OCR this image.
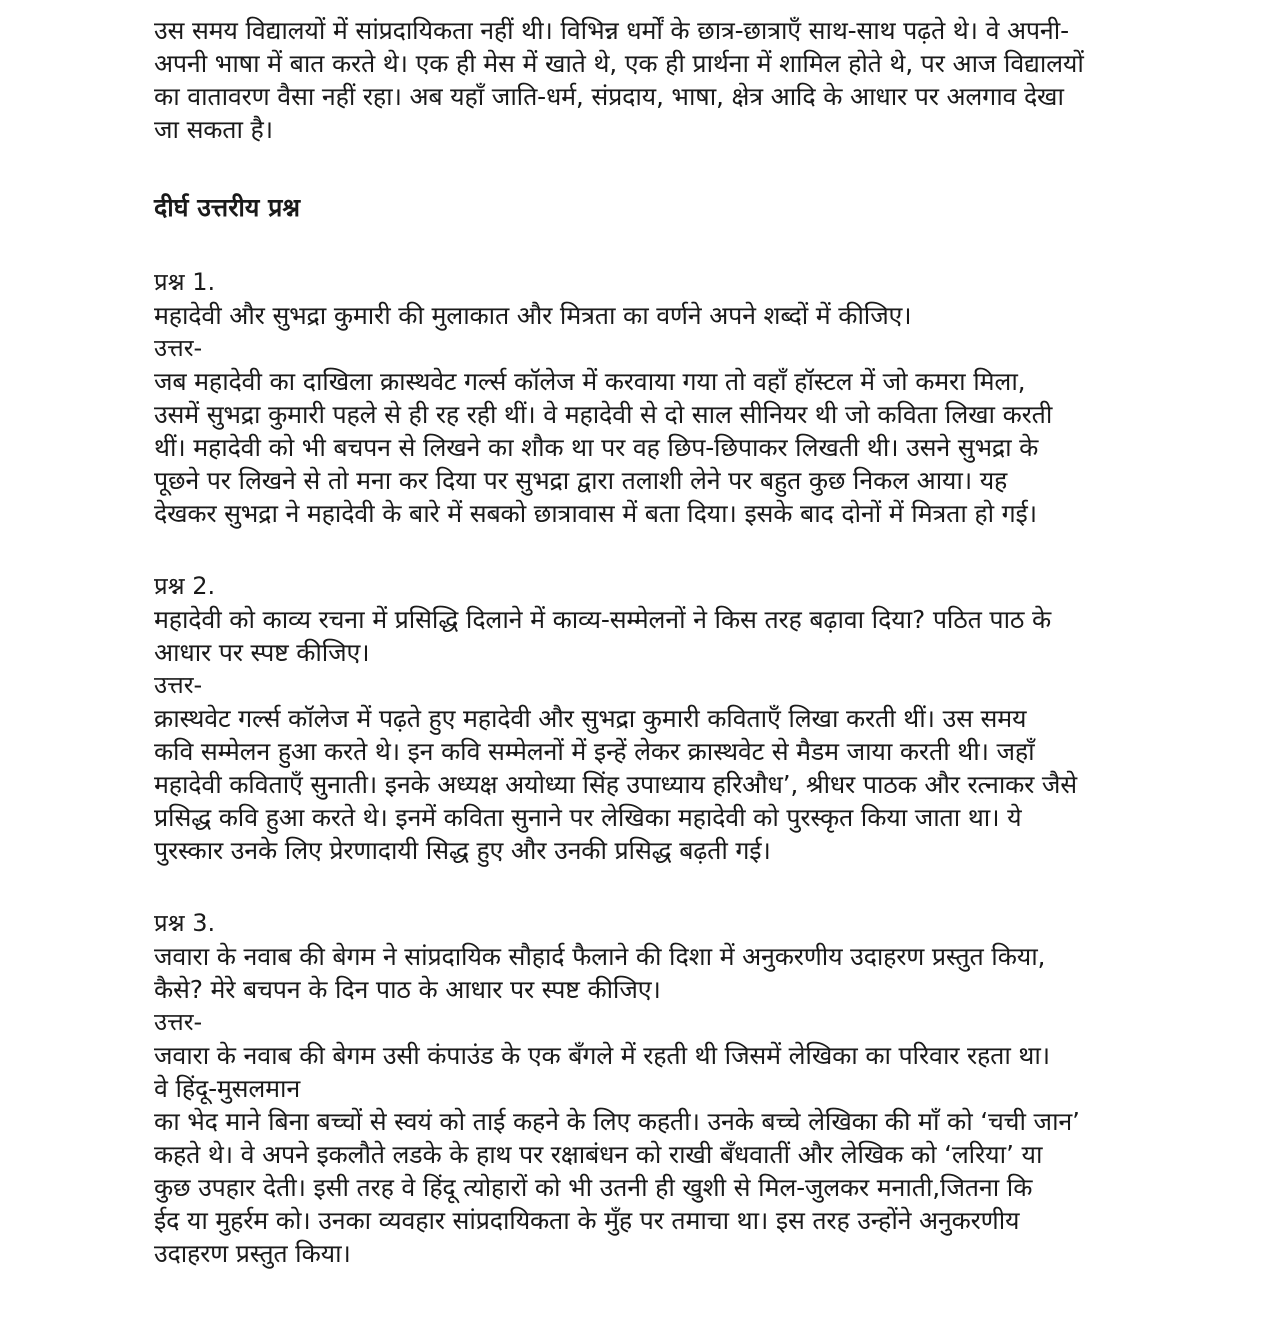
उस समय विद्यालयों में सांप्रदायिकता नहीं थी। विभिन्न धर्मों के छात्र-छात्राएँ साथ-साथ पढ़ते थे। वे अपनी-
अपनी भाषा में बात करते थे। एक ही मेस में खाते थे, एक ही प्रार्थना में शामिल होते थे, पर आज विद्यालयों
का वातावरण वैसा नहीं रहा। अब यहाँ जाति-धर्म, संप्रदाय, भाषा, क्षेत्र आदि के आधार पर अलगाव देखा
जा सकता है।

दीर्घ उत्तरीय प्रश्न
प्रश्न 1.

महादेवी और सुभद्रा कुमारी की मुलाकात और मित्रता का वर्णने अपने शब्दों में कीजिए।

उत्तर-

जब महादेवी का दाखिला क्रास्थवेट गर्ल्स कॉलेज में करवाया गया तो वहाँ हॉस्टल में जो कमरा मिला,
उसमें सुभद्रा कुमारी पहले से ही रह रही थीं। वे महादेवी से दो साल सीनियर थी जो कविता लिखा करती
थीं। महादेवी को भी बचपन से लिखने का शौक था पर वह छिप-छिपाकर लिखती थी। उसने सुभद्रा के
पूछने पर लिखने से तो मना कर दिया पर सुभद्रा द्वारा तलाशी लेने पर बहुत कुछ निकल आया। यह
देखकर सुभद्रा ने महादेवी के बारे में सबको छात्रावास में बता दिया। इसके बाद दोनों में मित्रता हो गई।

प्रश्न 2.

महादेवी को काव्य रचना में प्रसिद्धि दिलाने में काव्य-सम्मेलनों ने किस तरह बढ़ावा दिया? पठित पाठ के
आधार पर स्पष्ट कीजिए।

उत्तर-

क्रास्थवेट गर्ल्स कॉलेज में पढ़ते हुए महादेवी और सुभद्रा कुमारी कविताएँ लिखा करती थीं। उस समय
कवि सम्मेलन हुआ करते थे। इन कवि सम्मेलनों में इन्हें लेकर क्रास्थवेट से मैडम जाया करती थी। जहाँ
महादेवी कविताएँ सुनाती। इनके अध्यक्ष अयोध्या सिंह उपाध्याय हरिऔध’, श्रीधर पाठक और रत्नाकर जैसे
प्रसिद्ध कवि हुआ करते थे। इनमें कविता सुनाने पर लेखिका महादेवी को पुरस्कृत किया जाता था। ये
पुरस्कार उनके लिए प्रेरणादायी सिद्ध हुए और उनकी प्रसिद्ध बढ़ती गई।

प्रश्न 3.

जवारा के नवाब की बेगम ने सांप्रदायिक सौहार्द फैलाने की दिशा में अनुकरणीय उदाहरण प्रस्तुत किया,
कैसे? मेरे बचपन के दिन पाठ के आधार पर स्पष्ट कीजिए।

उत्तर-

जवारा के नवाब की बेगम उसी कंपाउंड के एक बँगले में रहती थी जिसमें लेखिका का परिवार रहता था।
वे हिंदू-मुसलमान
का भेद माने बिना बच्चों से स्वयं को ताई कहने के लिए कहती। उनके बच्चे लेखिका की माँ को ‘चची जान’
कहते थे। वे अपने इकलौते लडके के हाथ पर रक्षाबंधन को राखी बँधवातीं और लेखिक को ‘लरिया’ या
कुछ उपहार देती। इसी तरह वे हिंदू त्योहारों को भी उतनी ही खुशी से मिल-जुलकर मनाती,जितना कि
ईद या मुहर्रम को। उनका व्यवहार सांप्रदायिकता के मुँह पर तमाचा था। इस तरह उन्होंने अनुकरणीय
उदाहरण प्रस्तुत किया।
